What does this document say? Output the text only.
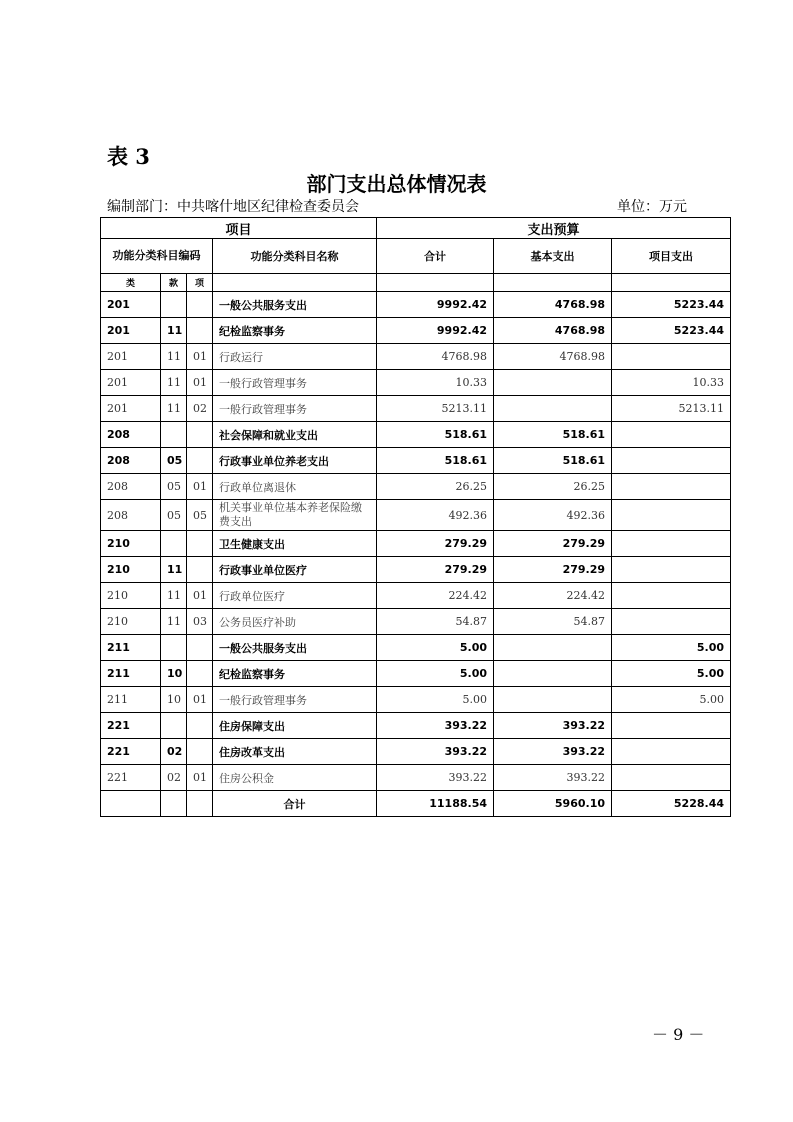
表 3
部门支出总体情况表
编制部门：中共喀什地区纪律检查委员会	单位：万元
项目				支出预算		
功能分类科目编码			功能分类科目名称	合计	基本支出	项目支出
类	款	项				
201			一般公共服务支出	9992.42	4768.98	5223.44
201	11		纪检监察事务	9992.42	4768.98	5223.44
201	11	01	行政运行	4768.98	4768.98	
201	11	01	一般行政管理事务	10.33		10.33
201	11	02	一般行政管理事务	5213.11		5213.11
208			社会保障和就业支出	518.61	518.61	
208	05		行政事业单位养老支出	518.61	518.61	
208	05	01	行政单位离退休	26.25	26.25	
208	05	05	机关事业单位基本养老保险缴费支出	492.36	492.36	
210			卫生健康支出	279.29	279.29	
210	11		行政事业单位医疗	279.29	279.29	
210	11	01	行政单位医疗	224.42	224.42	
210	11	03	公务员医疗补助	54.87	54.87	
211			一般公共服务支出	5.00		5.00
211	10		纪检监察事务	5.00		5.00
211	10	01	一般行政管理事务	5.00		5.00
221			住房保障支出	393.22	393.22	
221	02		住房改革支出	393.22	393.22	
221	02	01	住房公积金	393.22	393.22	
			合计	11188.54	5960.10	5228.44
－ 9 －
